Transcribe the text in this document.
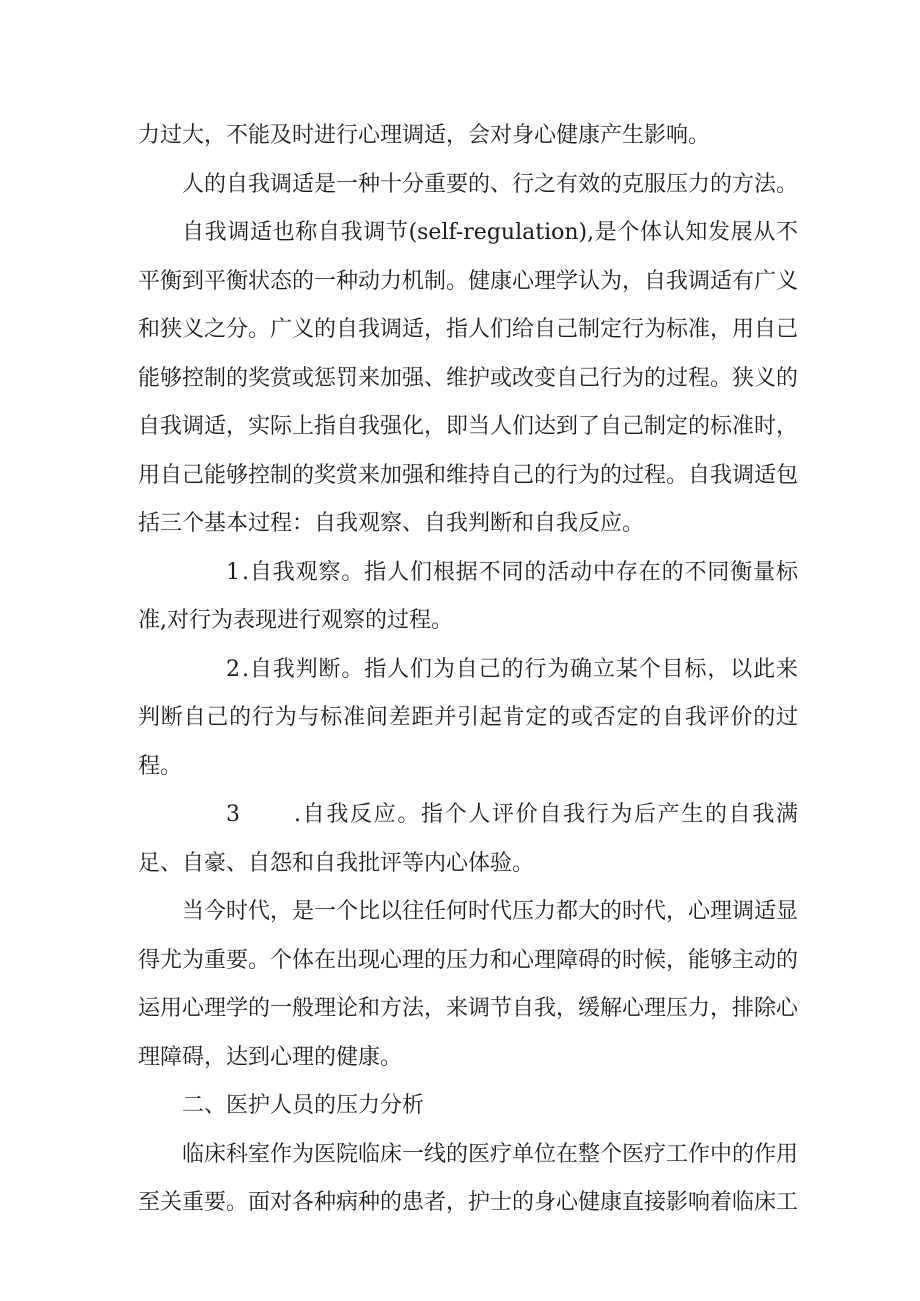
力过大，不能及时进行心理调适，会对身心健康产生影响。

人的自我调适是一种十分重要的、行之有效的克服压力的方法。

自我调适也称自我调节(self-regulation),是个体认知发展从不平衡到平衡状态的一种动力机制。健康心理学认为，自我调适有广义和狭义之分。广义的自我调适，指人们给自己制定行为标准，用自己能够控制的奖赏或惩罚来加强、维护或改变自己行为的过程。狭义的自我调适，实际上指自我强化，即当人们达到了自己制定的标准时，用自己能够控制的奖赏来加强和维持自己的行为的过程。自我调适包括三个基本过程：自我观察、自我判断和自我反应。

1.自我观察。指人们根据不同的活动中存在的不同衡量标准,对行为表现进行观察的过程。

2.自我判断。指人们为自己的行为确立某个目标，以此来判断自己的行为与标准间差距并引起肯定的或否定的自我评价的过程。

3 .自我反应。指个人评价自我行为后产生的自我满足、自豪、自怨和自我批评等内心体验。

当今时代，是一个比以往任何时代压力都大的时代，心理调适显得尤为重要。个体在出现心理的压力和心理障碍的时候，能够主动的运用心理学的一般理论和方法，来调节自我，缓解心理压力，排除心理障碍，达到心理的健康。

二、医护人员的压力分析

临床科室作为医院临床一线的医疗单位在整个医疗工作中的作用至关重要。面对各种病种的患者，护士的身心健康直接影响着临床工
